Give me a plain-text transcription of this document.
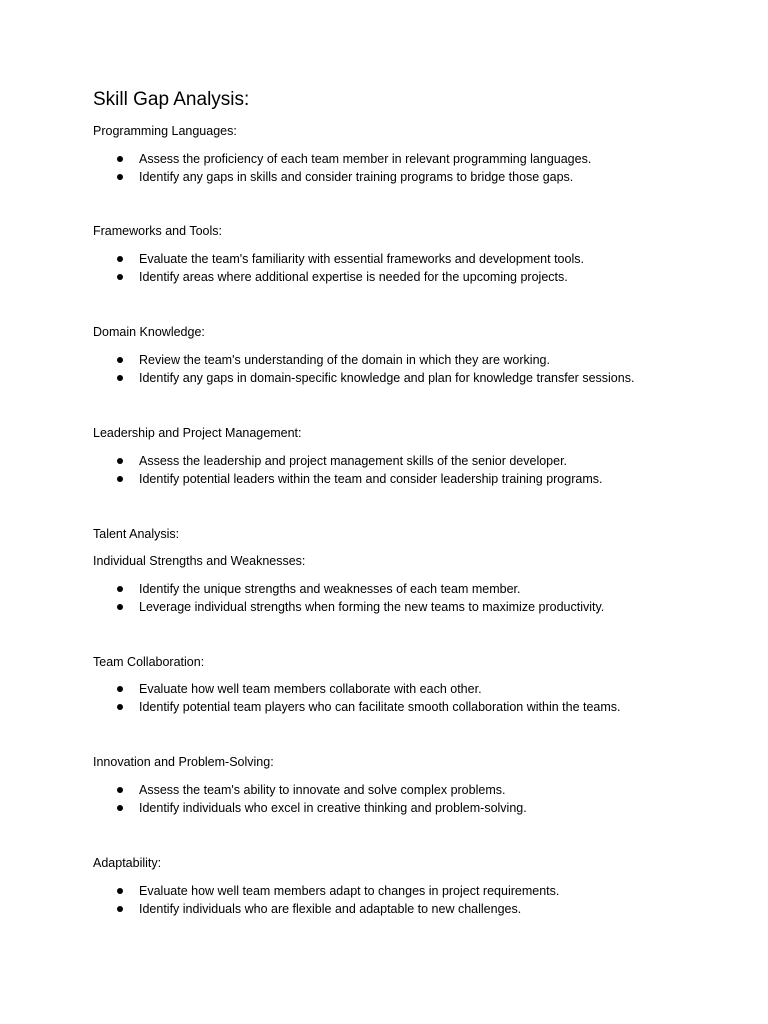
Skill Gap Analysis:

Programming Languages:

Assess the proficiency of each team member in relevant programming languages.
Identify any gaps in skills and consider training programs to bridge those gaps.

Frameworks and Tools:

Evaluate the team's familiarity with essential frameworks and development tools.
Identify areas where additional expertise is needed for the upcoming projects.

Domain Knowledge:

Review the team's understanding of the domain in which they are working.
Identify any gaps in domain-specific knowledge and plan for knowledge transfer sessions.

Leadership and Project Management:

Assess the leadership and project management skills of the senior developer.
Identify potential leaders within the team and consider leadership training programs.

Talent Analysis:

Individual Strengths and Weaknesses:

Identify the unique strengths and weaknesses of each team member.
Leverage individual strengths when forming the new teams to maximize productivity.

Team Collaboration:

Evaluate how well team members collaborate with each other.
Identify potential team players who can facilitate smooth collaboration within the teams.

Innovation and Problem-Solving:

Assess the team's ability to innovate and solve complex problems.
Identify individuals who excel in creative thinking and problem-solving.

Adaptability:

Evaluate how well team members adapt to changes in project requirements.
Identify individuals who are flexible and adaptable to new challenges.
